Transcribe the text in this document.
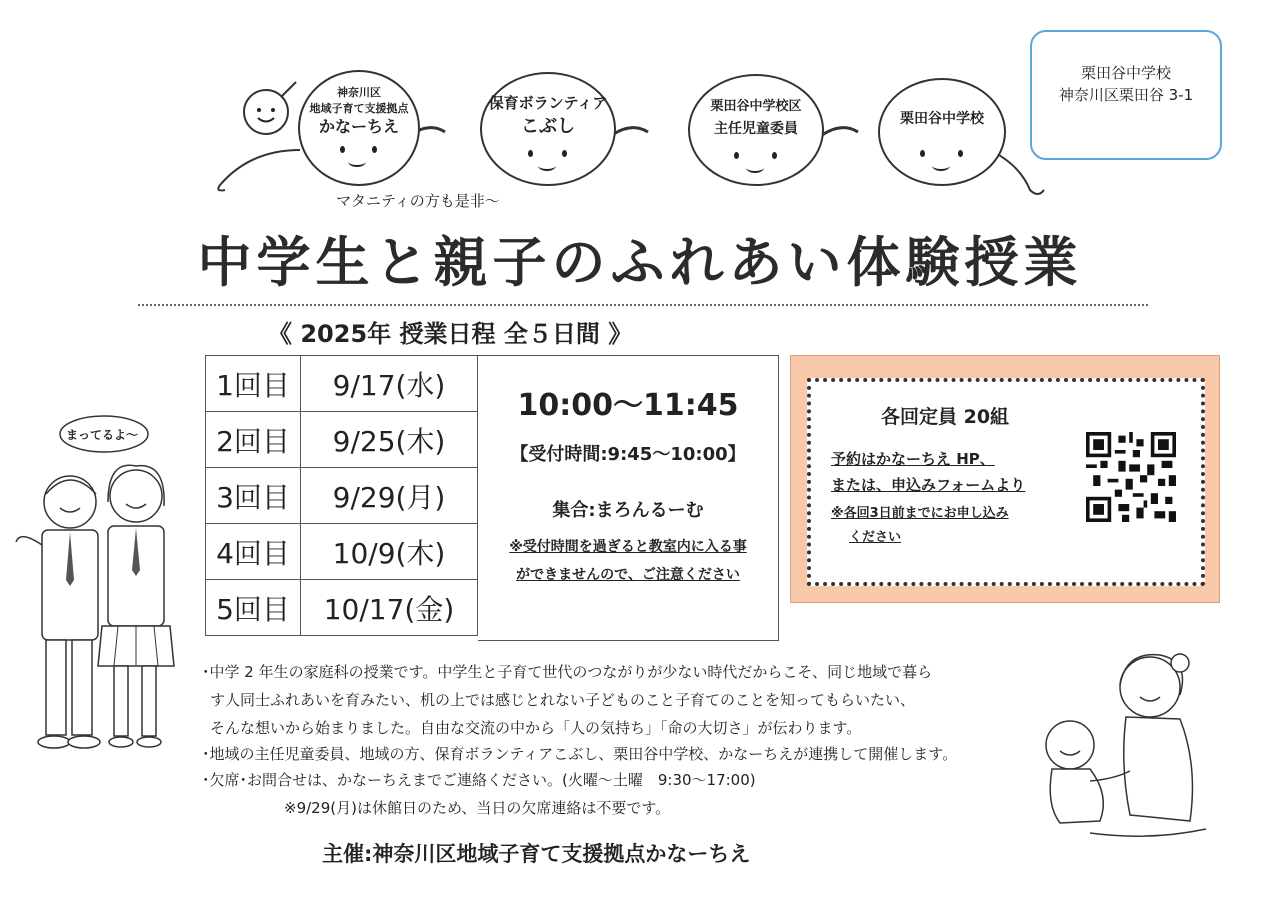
神奈川区
地域子育て支援拠点
かなーちえ
保育ボランティア
こぶし
栗田谷中学校区
主任児童委員
栗田谷中学校

栗田谷中学校

神奈川区栗田谷 3-1

マタニティの方も是非～
中学生と親子のふれあい体験授業
《 2025年 授業日程 全５日間 》
1回目	9/17(水)
2回目	9/25(木)
3回目	9/29(月)
4回目	10/9(木)
5回目	10/17(金)
10:00～11:45
【受付時間:9:45～10:00】
集合:まろんるーむ
※受付時間を過ぎると教室内に入る事
ができませんので、ご注意ください
各回定員 20組
予約はかなーちえ HP、
または、申込みフォームより
※各回3日前までにお申し込み
ください
まってるよ～
･中学 2 年生の家庭科の授業です。中学生と子育て世代のつながりが少ない時代だからこそ、同じ地域で暮ら
す人同士ふれあいを育みたい、机の上では感じとれない子どものこと子育てのことを知ってもらいたい、
そんな想いから始まりました。自由な交流の中から「人の気持ち」「命の大切さ」が伝わります。
･地域の主任児童委員、地域の方、保育ボランティアこぶし、栗田谷中学校、かなーちえが連携して開催します。
･欠席･お問合せは、かなーちえまでご連絡ください。(火曜～土曜　9:30～17:00)
※9/29(月)は休館日のため、当日の欠席連絡は不要です。
主催:神奈川区地域子育て支援拠点かなーちえ
